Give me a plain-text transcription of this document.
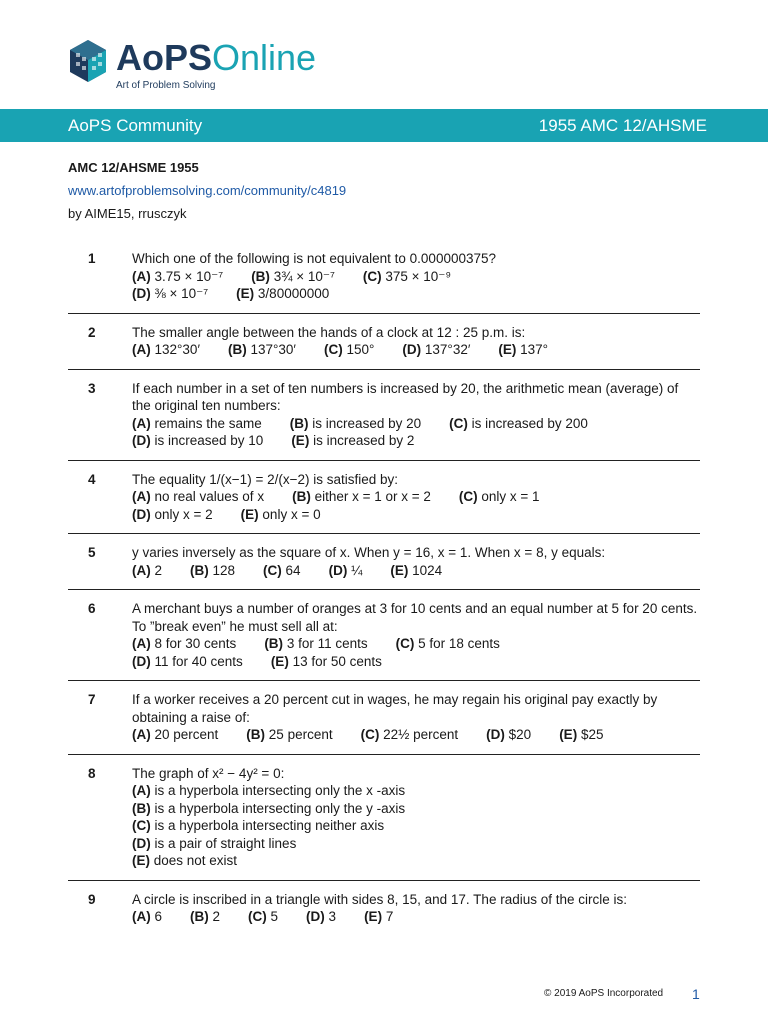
AoPSOnline
Art of Problem Solving
AoPS Community	1955 AMC 12/AHSME
AMC 12/AHSME 1955
www.artofproblemsolving.com/community/c4819
by AIME15, rrusczyk
1	Which one of the following is not equivalent to 0.000000375?
(A) 3.75 × 10⁻⁷ (B) 3¾ × 10⁻⁷ (C) 375 × 10⁻⁹
(D) ⅜ × 10⁻⁷ (E) 3/80000000
2	The smaller angle between the hands of a clock at 12 : 25 p.m. is:
(A) 132°30′ (B) 137°30′ (C) 150° (D) 137°32′ (E) 137°
3	If each number in a set of ten numbers is increased by 20, the arithmetic mean (average) of the original ten numbers:
(A) remains the same (B) is increased by 20 (C) is increased by 200
(D) is increased by 10 (E) is increased by 2
4	The equality 1/(x−1) = 2/(x−2) is satisfied by:
(A) no real values of x (B) either x = 1 or x = 2 (C) only x = 1
(D) only x = 2 (E) only x = 0
5	y varies inversely as the square of x. When y = 16, x = 1. When x = 8, y equals:
(A) 2 (B) 128 (C) 64 (D) ¼ (E) 1024
6	A merchant buys a number of oranges at 3 for 10 cents and an equal number at 5 for 20 cents. To ”break even” he must sell all at:
(A) 8 for 30 cents (B) 3 for 11 cents (C) 5 for 18 cents
(D) 11 for 40 cents (E) 13 for 50 cents
7	If a worker receives a 20 percent cut in wages, he may regain his original pay exactly by obtaining a raise of:
(A) 20 percent (B) 25 percent (C) 22½ percent (D) $20 (E) $25
8	The graph of x² − 4y² = 0:
(A) is a hyperbola intersecting only the x -axis
(B) is a hyperbola intersecting only the y -axis
(C) is a hyperbola intersecting neither axis
(D) is a pair of straight lines
(E) does not exist
9	A circle is inscribed in a triangle with sides 8, 15, and 17. The radius of the circle is:
(A) 6 (B) 2 (C) 5 (D) 3 (E) 7
© 2019 AoPS Incorporated 1
